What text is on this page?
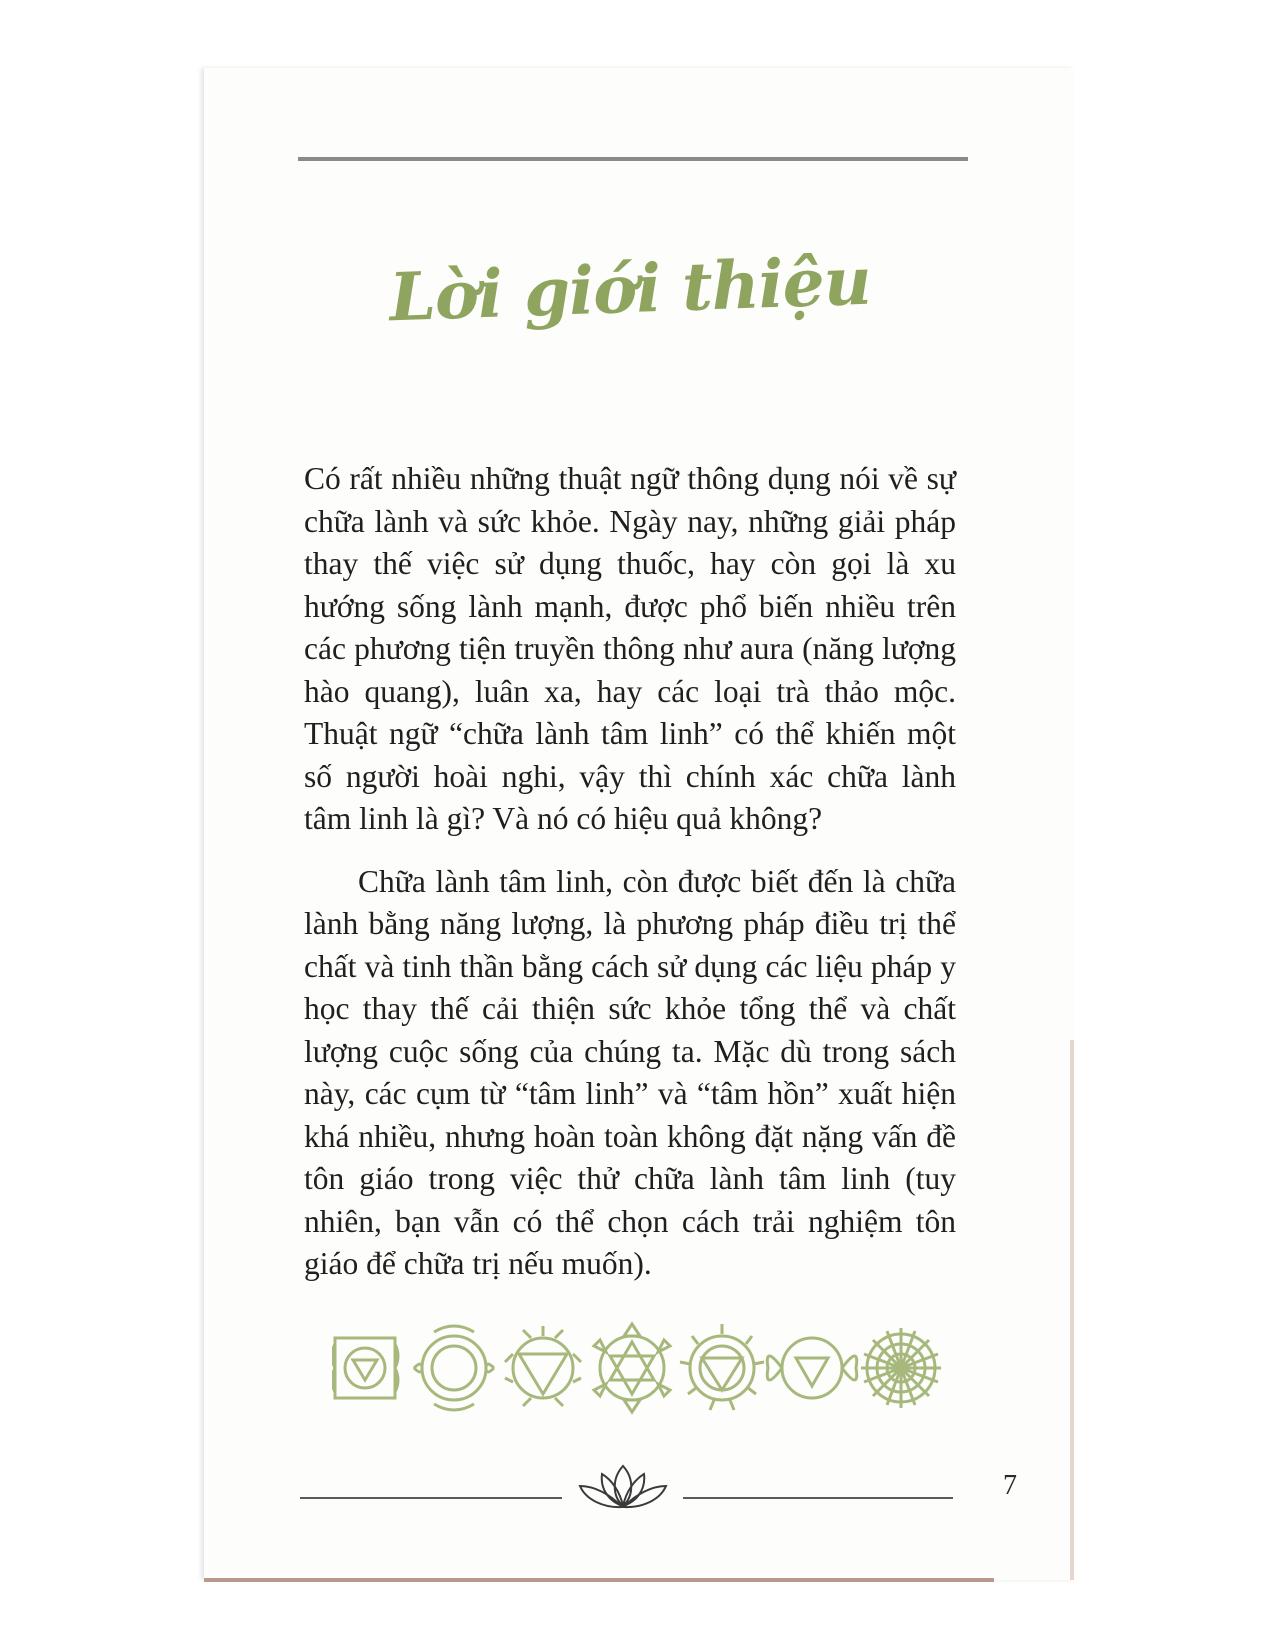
Lời giới thiệu

Có rất nhiều những thuật ngữ thông dụng nói về sự chữa lành và sức khỏe. Ngày nay, những giải pháp thay thế việc sử dụng thuốc, hay còn gọi là xu hướng sống lành mạnh, được phổ biến nhiều trên các phương tiện truyền thông như aura (năng lượng hào quang), luân xa, hay các loại trà thảo mộc. Thuật ngữ “chữa lành tâm linh” có thể khiến một số người hoài nghi, vậy thì chính xác chữa lành tâm linh là gì? Và nó có hiệu quả không?

Chữa lành tâm linh, còn được biết đến là chữa lành bằng năng lượng, là phương pháp điều trị thể chất và tinh thần bằng cách sử dụng các liệu pháp y học thay thế cải thiện sức khỏe tổng thể và chất lượng cuộc sống của chúng ta. Mặc dù trong sách này, các cụm từ “tâm linh” và “tâm hồn” xuất hiện khá nhiều, nhưng hoàn toàn không đặt nặng vấn đề tôn giáo trong việc thử chữa lành tâm linh (tuy nhiên, bạn vẫn có thể chọn cách trải nghiệm tôn giáo để chữa trị nếu muốn).

7
